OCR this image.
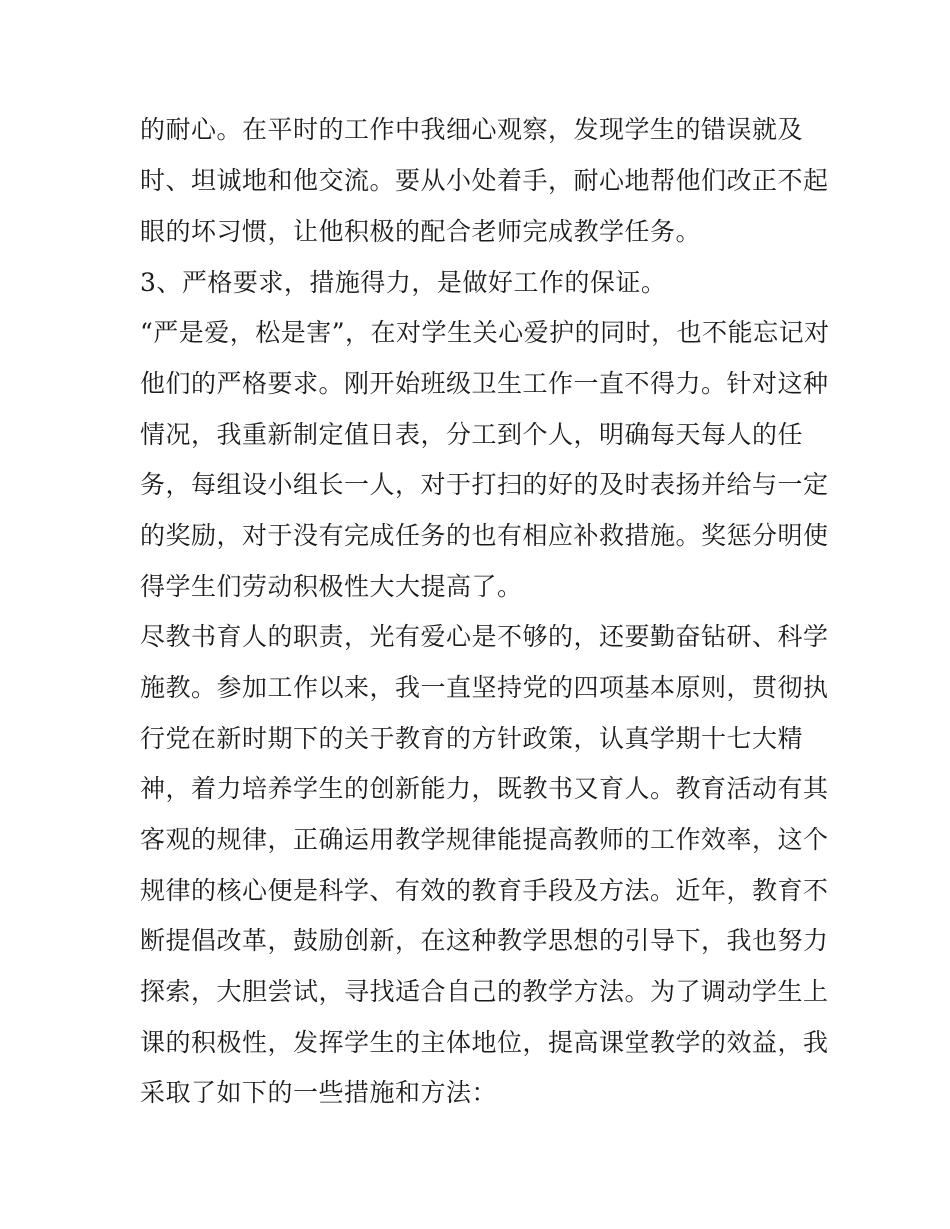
的耐心。在平时的工作中我细心观察，发现学生的错误就及

时、坦诚地和他交流。要从小处着手，耐心地帮他们改正不起

眼的坏习惯，让他积极的配合老师完成教学任务。

3、严格要求，措施得力，是做好工作的保证。

“严是爱，松是害”，在对学生关心爱护的同时，也不能忘记对

他们的严格要求。刚开始班级卫生工作一直不得力。针对这种

情况，我重新制定值日表，分工到个人，明确每天每人的任

务，每组设小组长一人，对于打扫的好的及时表扬并给与一定

的奖励，对于没有完成任务的也有相应补救措施。奖惩分明使

得学生们劳动积极性大大提高了。

尽教书育人的职责，光有爱心是不够的，还要勤奋钻研、科学

施教。参加工作以来，我一直坚持党的四项基本原则，贯彻执

行党在新时期下的关于教育的方针政策，认真学期十七大精

神，着力培养学生的创新能力，既教书又育人。教育活动有其

客观的规律，正确运用教学规律能提高教师的工作效率，这个

规律的核心便是科学、有效的教育手段及方法。近年，教育不

断提倡改革，鼓励创新，在这种教学思想的引导下，我也努力

探索，大胆尝试，寻找适合自己的教学方法。为了调动学生上

课的积极性，发挥学生的主体地位，提高课堂教学的效益，我

采取了如下的一些措施和方法：
